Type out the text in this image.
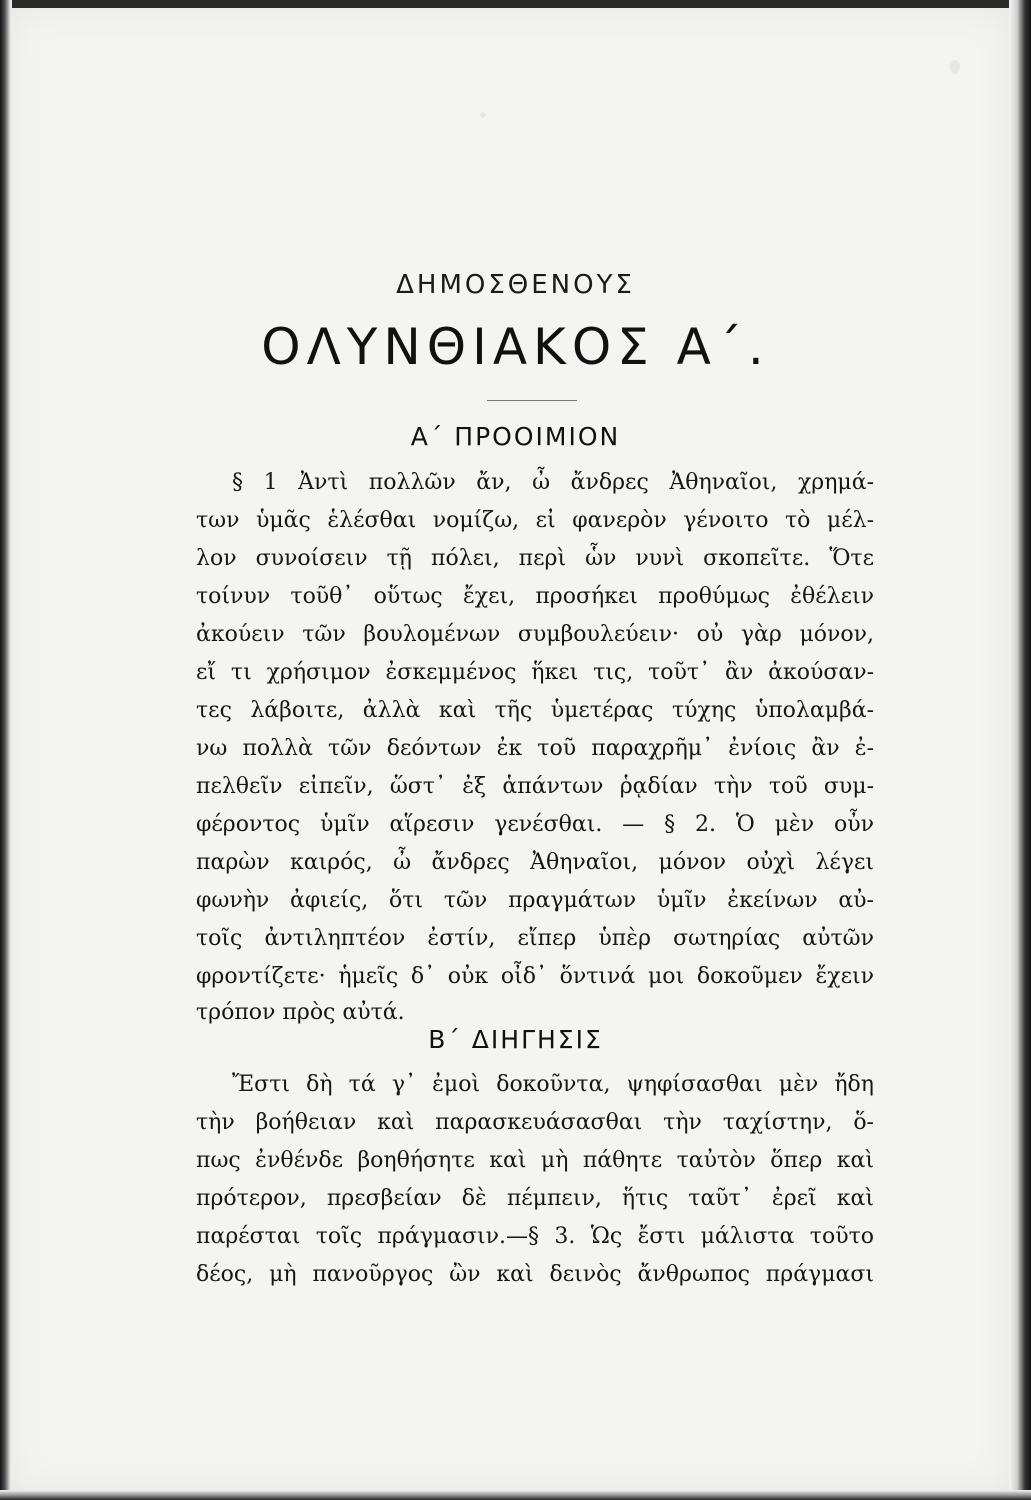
ΔΗΜΟΣΘΕΝΟΥΣ
ΟΛΥΝΘΙΑΚΟΣ Α΄.
Α΄ ΠΡΟΟΙΜΙΟΝ
§ 1 Ἀντὶ πολλῶν ἄν, ὦ ἄνδρες Ἀθηναῖοι, χρημά-
των ὑμᾶς ἑλέσθαι νομίζω, εἰ φανερὸν γένοιτο τὸ μέλ-
λον συνοίσειν τῇ πόλει, περὶ ὧν νυνὶ σκοπεῖτε. Ὅτε
τοίνυν τοῦθ᾽ οὕτως ἔχει, προσήκει προθύμως ἐθέλειν
ἀκούειν τῶν βουλομένων συμβουλεύειν· οὐ γὰρ μόνον,
εἴ τι χρήσιμον ἐσκεμμένος ἥκει τις, τοῦτ᾽ ἂν ἀκούσαν-
τες λάβοιτε, ἀλλὰ καὶ τῆς ὑμετέρας τύχης ὑπολαμβά-
νω πολλὰ τῶν δεόντων ἐκ τοῦ παραχρῆμ᾽ ἐνίοις ἂν ἐ-
πελθεῖν εἰπεῖν, ὥστ᾽ ἐξ ἁπάντων ῥᾳδίαν τὴν τοῦ συμ-
φέροντος ὑμῖν αἵρεσιν γενέσθαι. — § 2. Ὁ μὲν οὖν
παρὼν καιρός, ὦ ἄνδρες Ἀθηναῖοι, μόνον οὐχὶ λέγει
φωνὴν ἀφιείς, ὅτι τῶν πραγμάτων ὑμῖν ἐκείνων αὐ-
τοῖς ἀντιληπτέον ἐστίν, εἴπερ ὑπὲρ σωτηρίας αὐτῶν
φροντίζετε· ἡμεῖς δ᾽ οὐκ οἶδ᾽ ὅντινά μοι δοκοῦμεν ἔχειν
τρόπον πρὸς αὐτά.
Β΄ ΔΙΗΓΗΣΙΣ
Ἔστι δὴ τά γ᾽ ἐμοὶ δοκοῦντα, ψηφίσασθαι μὲν ἤδη
τὴν βοήθειαν καὶ παρασκευάσασθαι τὴν ταχίστην, ὅ-
πως ἐνθένδε βοηθήσητε καὶ μὴ πάθητε ταὐτὸν ὅπερ καὶ
πρότερον, πρεσβείαν δὲ πέμπειν, ἥτις ταῦτ᾽ ἐρεῖ καὶ
παρέσται τοῖς πράγμασιν.—§ 3. Ὡς ἔστι μάλιστα τοῦτο
δέος, μὴ πανοῦργος ὢν καὶ δεινὸς ἄνθρωπος πράγμασι
